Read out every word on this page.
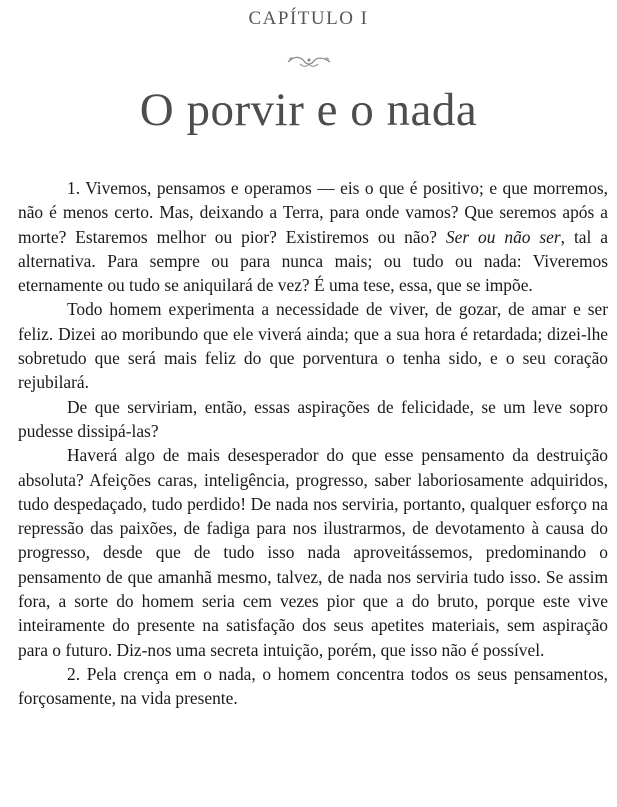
CAPÍTULO I
O porvir e o nada

1. Vivemos, pensamos e operamos — eis o que é positivo; e que morremos, não é menos certo. Mas, deixando a Terra, para onde vamos? Que seremos após a morte? Estaremos melhor ou pior? Existiremos ou não? Ser ou não ser, tal a alternativa. Para sempre ou para nunca mais; ou tudo ou nada: Viveremos eternamente ou tudo se aniquilará de vez? É uma tese, essa, que se impõe.

Todo homem experimenta a necessidade de viver, de gozar, de amar e ser feliz. Dizei ao moribundo que ele viverá ainda; que a sua hora é retardada; dizei-lhe sobretudo que será mais feliz do que porventura o tenha sido, e o seu coração rejubilará.

De que serviriam, então, essas aspirações de felicidade, se um leve sopro pudesse dissipá-las?

Haverá algo de mais desesperador do que esse pensamento da destruição absoluta? Afeições caras, inteligência, progresso, saber laboriosamente adquiridos, tudo despedaçado, tudo perdido! De nada nos serviria, portanto, qualquer esforço na repressão das paixões, de fadiga para nos ilustrarmos, de devotamento à causa do progresso, desde que de tudo isso nada aproveitássemos, predominando o pensamento de que amanhã mesmo, talvez, de nada nos serviria tudo isso. Se assim fora, a sorte do homem seria cem vezes pior que a do bruto, porque este vive inteiramente do presente na satisfação dos seus apetites materiais, sem aspiração para o futuro. Diz-nos uma secreta intuição, porém, que isso não é possível.

2. Pela crença em o nada, o homem concentra todos os seus pensamentos, forçosamente, na vida presente.
